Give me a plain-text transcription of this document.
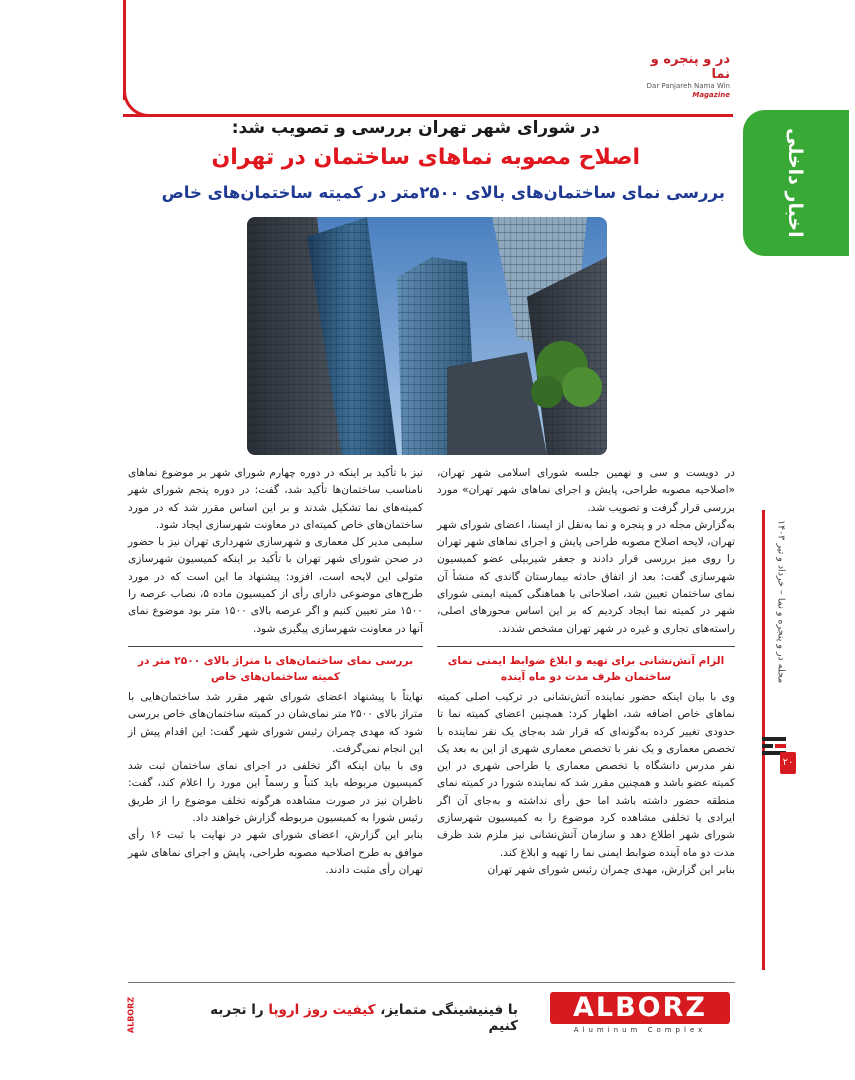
در و پنجره و نما
Dar Panjareh Nama Win Magazine
اخبار داخلی
مجله در و پنجره و نما – خرداد و تیر ۱۴۰۳
۲۰
در شورای شهر تهران بررسی و تصویب شد:
اصلاح مصوبه نماهای ساختمان در تهران
بررسی نمای ساختمان‌های بالای ۲۵۰۰متر در کمیته ساختمان‌های خاص

در دویست و سی و نهمین جلسه شورای اسلامی شهر تهران، «اصلاحیه مصوبه طراحی، پایش و اجرای نماهای شهر تهران» مورد بررسی قرار گرفت و تصویب شد.

به‌گزارش مجله در و پنجره و نما به‌نقل از ایسنا، اعضای شورای شهر تهران، لایحه اصلاح مصوبه طراحی پایش و اجرای نماهای شهر تهران را روی میز بررسی قرار دادند و جعفر شیربیلی عضو کمیسیون شهرسازی گفت: بعد از اتفاق حادثه بیمارستان گاندی که منشأ آن نمای ساختمان تعیین شد، اصلاحاتی با هماهنگی کمیته ایمنی شورای شهر در کمیته نما ایجاد کردیم که بر این اساس محورهای اصلی، راسته‌های تجاری و غیره در شهر تهران مشخص شدند.

الزام آتش‌نشانی برای تهیه و ابلاغ ضوابط ایمنی نمای ساختمان ظرف مدت دو ماه آینده

وی با بیان اینکه حضور نماینده آتش‌نشانی در ترکیب اصلی کمیته نماهای خاص اضافه شد، اظهار کرد: همچنین اعضای کمیته نما تا حدودی تغییر کرده به‌گونه‌ای که قرار شد به‌جای یک نفر نماینده با تخصص معماری و یک نفر با تخصص معماری شهری از این به بعد یک نفر مدرس دانشگاه با تخصص معماری یا طراحی شهری در این کمیته عضو باشد و همچنین مقرر شد که نماینده شورا در کمیته نمای منطقه حضور داشته باشد اما حق رأی نداشته و به‌جای آن اگر ایرادی یا تخلفی مشاهده کرد موضوع را به کمیسیون شهرسازی شورای شهر اطلاع دهد و سازمان آتش‌نشانی نیز ملزم شد ظرف مدت دو ماه آینده ضوابط ایمنی نما را تهیه و ابلاغ کند.

بنابر این گزارش، مهدی چمران رئیس شورای شهر تهران

نیز با تأکید بر اینکه در دوره چهارم شورای شهر بر موضوع نماهای نامناسب ساختمان‌ها تأکید شد، گفت: در دوره پنجم شورای شهر کمیته‌های نما تشکیل شدند و بر این اساس مقرر شد که در مورد ساختمان‌های خاص کمیته‌ای در معاونت شهرسازی ایجاد شود.

سلیمی مدیر کل معماری و شهرسازی شهرداری تهران نیز با حضور در صحن شورای شهر تهران با تأکید بر اینکه کمیسیون شهرسازی متولی این لایحه است، افزود: پیشنهاد ما این است که در مورد طرح‌های موضوعی دارای رأی از کمیسیون ماده ۵، نصاب عرصه را ۱۵۰۰ متر تعیین کنیم و اگر عرصه بالای ۱۵۰۰ متر بود موضوع نمای آنها در معاونت شهرسازی پیگیری شود.

بررسی نمای ساختمان‌های با متراژ بالای ۲۵۰۰ متر در کمیته ساختمان‌های خاص

نهایتاً با پیشنهاد اعضای شورای شهر مقرر شد ساختمان‌هایی با متراژ بالای ۲۵۰۰ متر نمای‌شان در کمیته ساختمان‌های خاص بررسی شود که مهدی چمران رئیس شورای شهر گفت: این اقدام پیش از این انجام نمی‌گرفت.

وی با بیان اینکه اگر تخلفی در اجرای نمای ساختمان ثبت شد کمیسیون مربوطه باید کتباً و رسماً این مورد را اعلام کند، گفت: ناظران نیز در صورت مشاهده هرگونه تخلف موضوع را از طریق رئیس شورا به کمیسیون مربوطه گزارش خواهند داد.

بنابر این گزارش، اعضای شورای شهر در نهایت با ثبت ۱۶ رأی موافق به طرح اصلاحیه مصوبه طراحی، پایش و اجرای نماهای شهر تهران رأی مثبت دادند.

ALBORZ	با فینیشینگی متمایز، کیفیت روز اروپا را تجربه کنیم
ALBORZ
Aluminum Complex
